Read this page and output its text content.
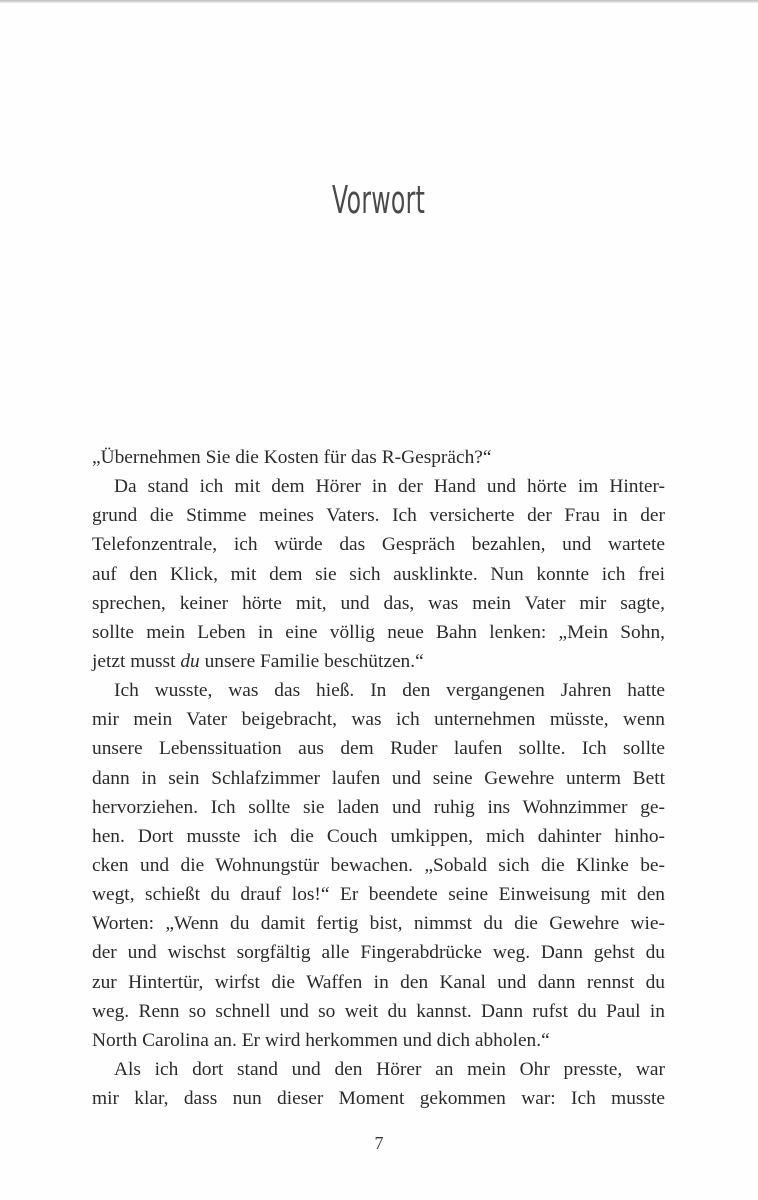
Vorwort
„Übernehmen Sie die Kosten für das R-Gespräch?“
Da stand ich mit dem Hörer in der Hand und hörte im Hinter-
grund die Stimme meines Vaters. Ich versicherte der Frau in der
Telefonzentrale, ich würde das Gespräch bezahlen, und wartete
auf den Klick, mit dem sie sich ausklinkte. Nun konnte ich frei
sprechen, keiner hörte mit, und das, was mein Vater mir sagte,
sollte mein Leben in eine völlig neue Bahn lenken: „Mein Sohn,
jetzt musst du unsere Familie beschützen.“
Ich wusste, was das hieß. In den vergangenen Jahren hatte
mir mein Vater beigebracht, was ich unternehmen müsste, wenn
unsere Lebenssituation aus dem Ruder laufen sollte. Ich sollte
dann in sein Schlafzimmer laufen und seine Gewehre unterm Bett
hervorziehen. Ich sollte sie laden und ruhig ins Wohnzimmer ge-
hen. Dort musste ich die Couch umkippen, mich dahinter hinho-
cken und die Wohnungstür bewachen. „Sobald sich die Klinke be-
wegt, schießt du drauf los!“ Er beendete seine Einweisung mit den
Worten: „Wenn du damit fertig bist, nimmst du die Gewehre wie-
der und wischst sorgfältig alle Fingerabdrücke weg. Dann gehst du
zur Hintertür, wirfst die Waffen in den Kanal und dann rennst du
weg. Renn so schnell und so weit du kannst. Dann rufst du Paul in
North Carolina an. Er wird herkommen und dich abholen.“
Als ich dort stand und den Hörer an mein Ohr presste, war
mir klar, dass nun dieser Moment gekommen war: Ich musste
7
